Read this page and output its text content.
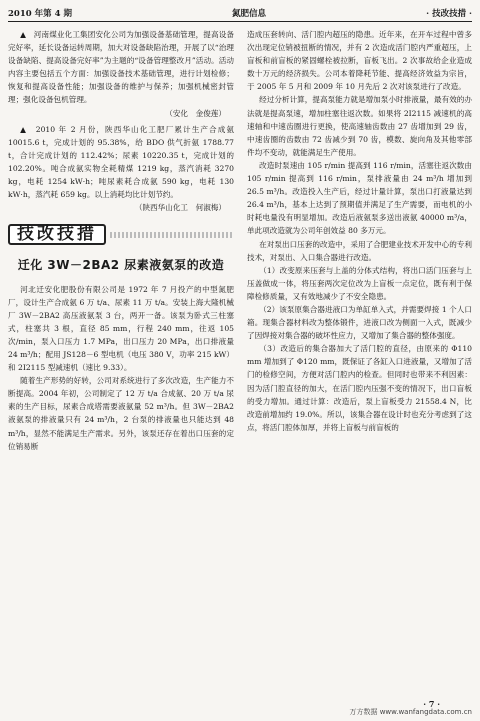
2010 年第 4 期	氮肥信息	· 技改技措 ·

▲　河南煤业化工集团安化公司为加强设备基础管理，提高设备完好率，延长设备运转周期，加大对设备缺陷治理，开展了以“治理设备缺陷、提高设备完好率”为主题的“设备管理整改月”活动。活动内容主要包括五个方面：加强设备技术基础管理，进行计划检修；恢复和提高设备性能；加强设备的维护与保养；加强机械密封管理；强化设备包机管理。

（安化　金俊莲）

▲　2010 年 2 月份，陕西华山化工肥厂累计生产合成氨 10015.6 t，完成计划的 95.38%，给 BDO 供气折氨 1788.77 t，合计完成计划的 112.42%；尿素 10220.35 t，完成计划的 102.20%。吨合成氨实物全耗精煤 1219 kg，蒸汽消耗 3270 kg，电耗 1254 kW·h；吨尿素耗合成氨 590 kg，电耗 130 kW·h，蒸汽耗 659 kg。以上消耗均比计划节约。

（陕西华山化工　何淑梅）

技改技措
迁化 3W－2BA2 尿素液氨泵的改造

河北迁安化肥股份有限公司是 1972 年 7 月投产的中型氮肥厂，设计生产合成氨 6 万 t/a、尿素 11 万 t/a。安装上海大隆机械厂 3W－2BA2 高压液氨泵 3 台，两开一备。该泵为卧式三柱塞式，柱塞共 3 根，直径 85 mm，行程 240 mm，往返 105 次/min，泵入口压力 1.7 MPa，出口压力 20 MPa，出口排液量 24 m³/h；配用 JS128－6 型电机（电压 380 V，功率 215 kW）和 2I2115 型减速机（速比 9.33）。

随着生产形势的好转，公司对系统进行了多次改造，生产能力不断提高。2004 年初，公司制定了 12 万 t/a 合成氨、20 万 t/a 尿素的生产目标，尿素合成塔需要液氨量 52 m³/h。但 3W－2BA2 液氨泵的排液量只有 24 m³/h，2 台泵的排液量也只能达到 48 m³/h，显然不能满足生产需求。另外，该泵还存在着出口压套的定位销易断

造成压套转向、活门腔内超压的隐患。近年来，在开车过程中曾多次出现定位销被扭断的情况，并有 2 次造成活门腔内严重超压，上盲板和前盲板的紧固螺栓被拉断，盲板飞出。2 次事故给企业造成数十万元的经济损失。公司本着降耗节能、提高经济效益为宗旨，于 2005 年 5 月和 2009 年 10 月先后 2 次对该泵进行了改造。

经过分析计算，提高泵能力就是增加泵小时排液量，最有效的办法就是提高泵速，增加柱塞往返次数。如果将 2I2115 减速机的高速轴和中速齿圈进行更换，使高速轴齿数由 27 齿增加到 29 齿，中速齿圈的齿数由 72 齿减少到 70 齿，模数、旋向角及其他零部件均不变动，就能满足生产使用。

改造时泵速由 105 r/min 提高到 116 r/min，活塞往返次数由 105 r/min 提高到 116 r/min，泵排液量由 24 m³/h 增加到 26.5 m³/h。改造投入生产后，经过计量计算，泵出口打液量达到 26.4 m³/h，基本上达到了预期值并满足了生产需要，而电机的小时耗电量没有明显增加。改造后液氨泵多送出液氨 40000 m³/a，单此项改造就为公司年创效益 80 多万元。

在对泵出口压套的改造中，采用了合肥建业技术开发中心的专利技术，对泵出、入口集合器进行改造。

（1）改变原来压套与上盖的分体式结构，将出口活门压套与上压盖做成一体，将压套两次定位改为上盲板一点定位，既有利于保障检修质量，又有效地减少了不安全隐患。

（2）该泵原集合器进液口为单缸单入式，并需要焊接 1 个人口箱。现集合器材料改为整体锻件，进液口改为侧面一入式，既减少了因焊接对集合器的破坏性应力，又增加了集合器的整体强度。

（3）改造后的集合器加大了活门腔的直径，由原来的 Φ110 mm 增加到了 Φ120 mm，既保证了各缸入口进液量，又增加了活门的检修空间，方便对活门腔内的检查。但同时也带来不利因素：因为活门腔直径的加大，在活门腔内压强不变的情况下，出口盲板的受力增加。通过计算：改造后，泵上盲板受力 21558.4 N，比改造前增加约 19.0%。所以，该集合器在设计时也充分考虑到了这点，将活门腔体加厚，并将上盲板与前盲板的

· 7 ·
万方数据 www.wanfangdata.com.cn
